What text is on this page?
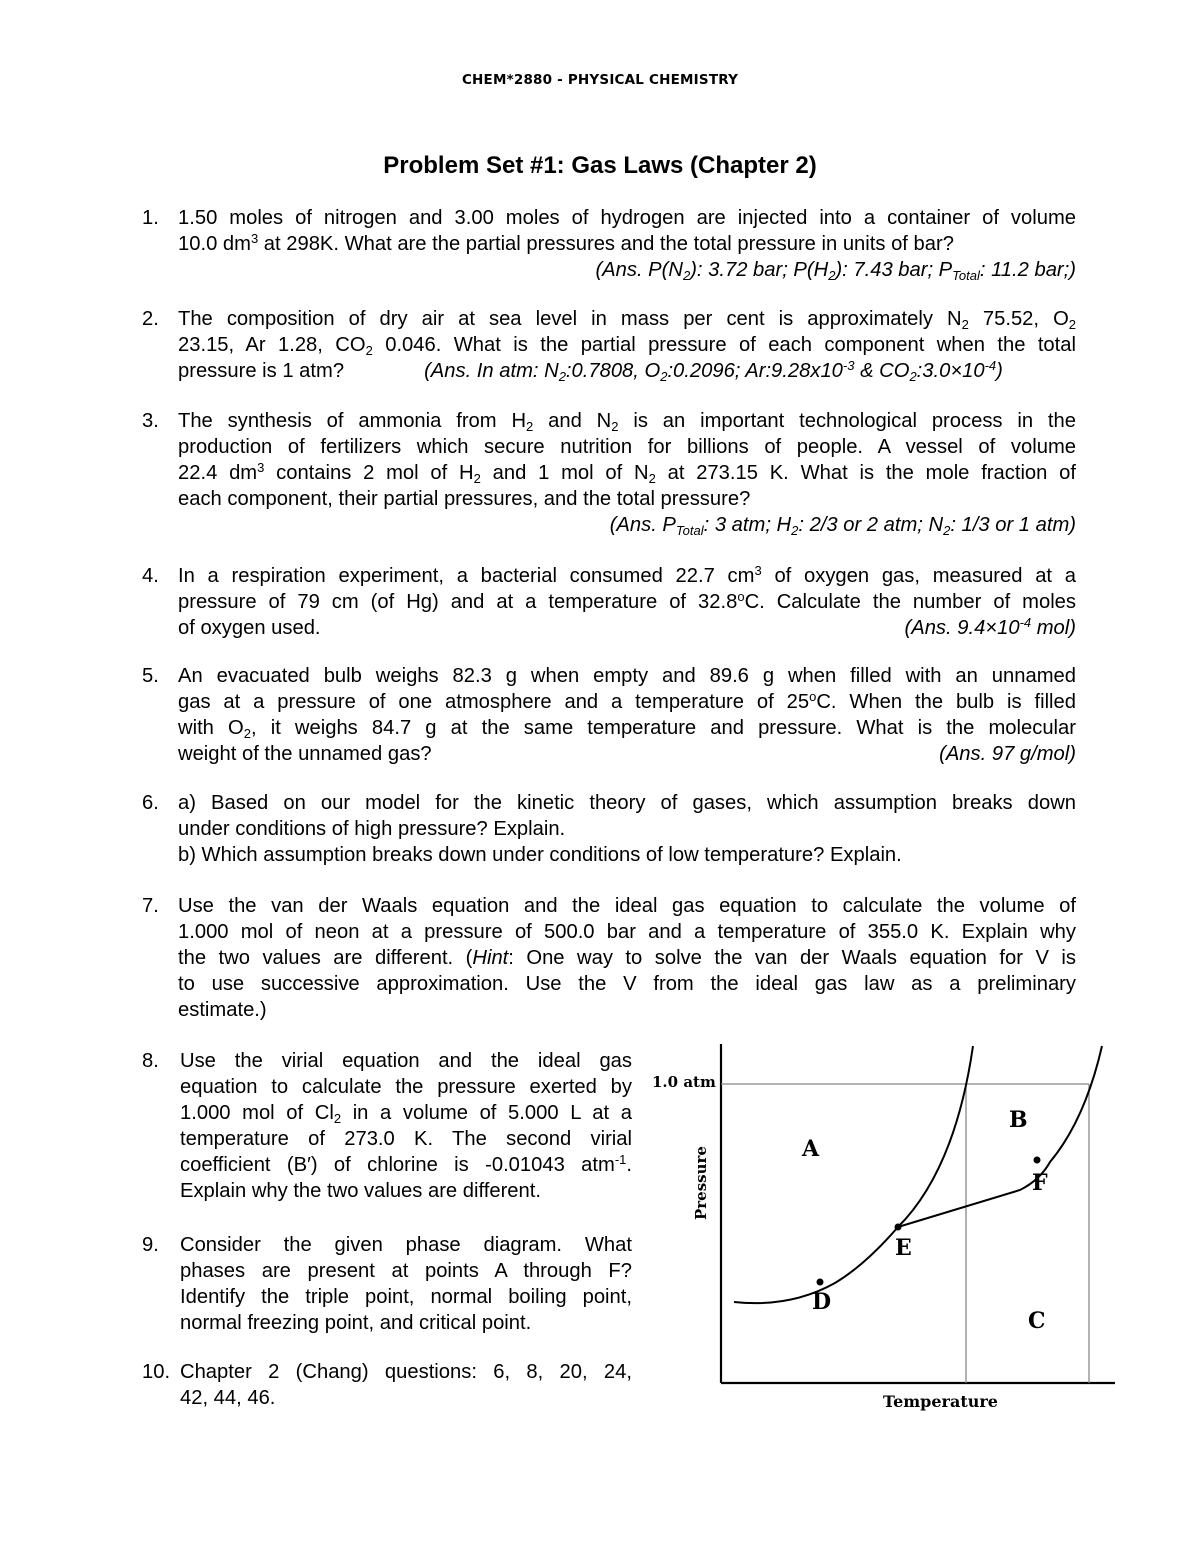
CHEM*2880 - PHYSICAL CHEMISTRY
Problem Set #1: Gas Laws (Chapter 2)
1. 1.50 moles of nitrogen and 3.00 moles of hydrogen are injected into a container of volume
10.0 $dm^3$ at 298K. What are the partial pressures and the total pressure in units of bar?
(Ans. $P(N_2)$: 3.72 bar; $P(H_2)$: 7.43 bar; $P_{Total}$: 11.2 bar;)
2. The composition of dry air at sea level in mass per cent is approximately $N_2$ 75.52, $O_2$
23.15, Ar 1.28, $CO_2$ 0.046. What is the partial pressure of each component when the total
pressure is 1 atm?	(Ans. In atm: $N_2:0.7808$, $O_2:0.2096$; $Ar:9.28x10^{-3}$ & $CO_2:3.0\times 10^{-4}$)
3. The synthesis of ammonia from $H_2$ and $N_2$ is an important technological process in the
production of fertilizers which secure nutrition for billions of people. A vessel of volume
22.4 $dm^3$ contains 2 mol of $H_2$ and 1 mol of $N_2$ at 273.15 K. What is the mole fraction of
each component, their partial pressures, and the total pressure?
(Ans. $P_{Total}$: 3 atm; $H_2$: 2/3 or 2 atm; $N_2$: 1/3 or 1 atm)
4. In a respiration experiment, a bacterial consumed 22.7 $cm^3$ of oxygen gas, measured at a
pressure of 79 cm (of Hg) and at a temperature of 32.8$^o$C. Calculate the number of moles
of oxygen used.	(Ans. $9.4\times 10^{-4}$ mol)
5. An evacuated bulb weighs 82.3 g when empty and 89.6 g when filled with an unnamed
gas at a pressure of one atmosphere and a temperature of 25$^o$C. When the bulb is filled
with $O_2$, it weighs 84.7 g at the same temperature and pressure. What is the molecular
weight of the unnamed gas?	(Ans. 97 g/mol)
6. a) Based on our model for the kinetic theory of gases, which assumption breaks down
under conditions of high pressure? Explain.
b) Which assumption breaks down under conditions of low temperature? Explain.
7. Use the van der Waals equation and the ideal gas equation to calculate the volume of
1.000 mol of neon at a pressure of 500.0 bar and a temperature of 355.0 K. Explain why
the two values are different. (Hint: One way to solve the van der Waals equation for V is
to use successive approximation. Use the V from the ideal gas law as a preliminary
estimate.)
8. Use the virial equation and the ideal gas
equation to calculate the pressure exerted by
1.000 mol of $Cl_2$ in a volume of 5.000 L at a
temperature of 273.0 K. The second virial
coefficient (B′) of chlorine is -0.01043 atm$^{-1}$.
Explain why the two values are different.
9. Consider the given phase diagram. What
phases are present at points A through F?
Identify the triple point, normal boiling point,
normal freezing point, and critical point.
10. Chapter 2 (Chang) questions: 6, 8, 20, 24,
42, 44, 46.
1.0 atm
Pressure
Temperature
A
B
C
D
E
F
